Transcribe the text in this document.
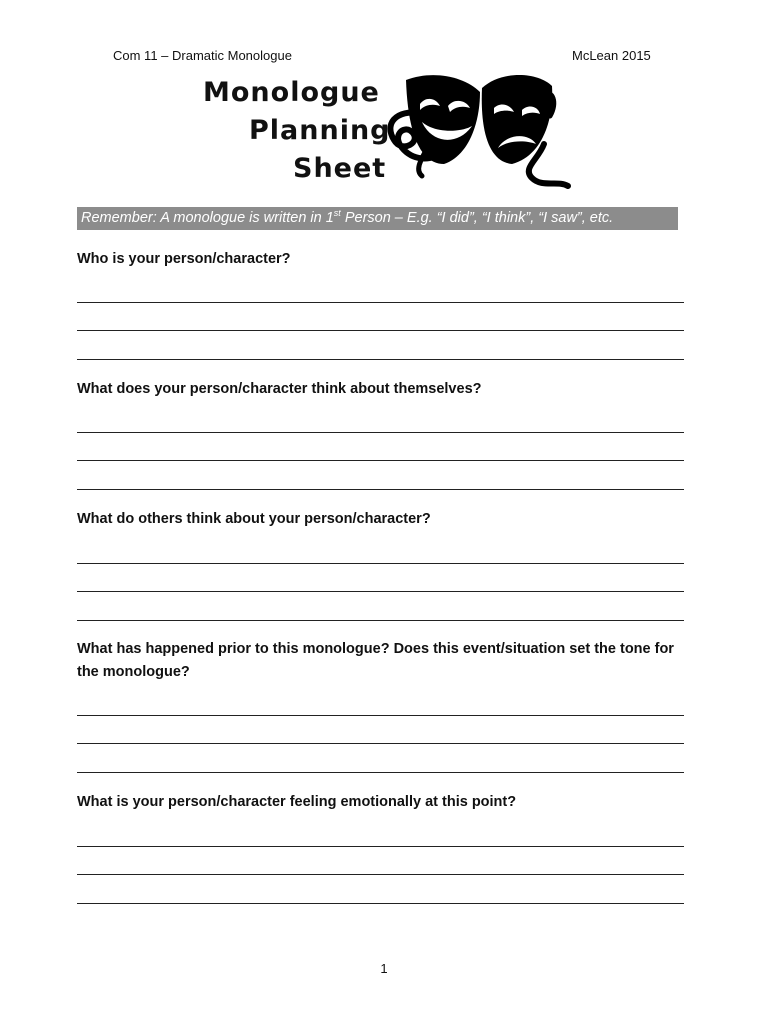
Com 11 – Dramatic Monologue	McLean 2015
Monologue
Planning
Sheet
Remember: A monologue is written in 1st Person – E.g. “I did”, “I think”, “I saw”, etc.
Who is your person/character?
What does your person/character think about themselves?
What do others think about your person/character?
What has happened prior to this monologue? Does this event/situation set the tone for the monologue?
What is your person/character feeling emotionally at this point?
1
